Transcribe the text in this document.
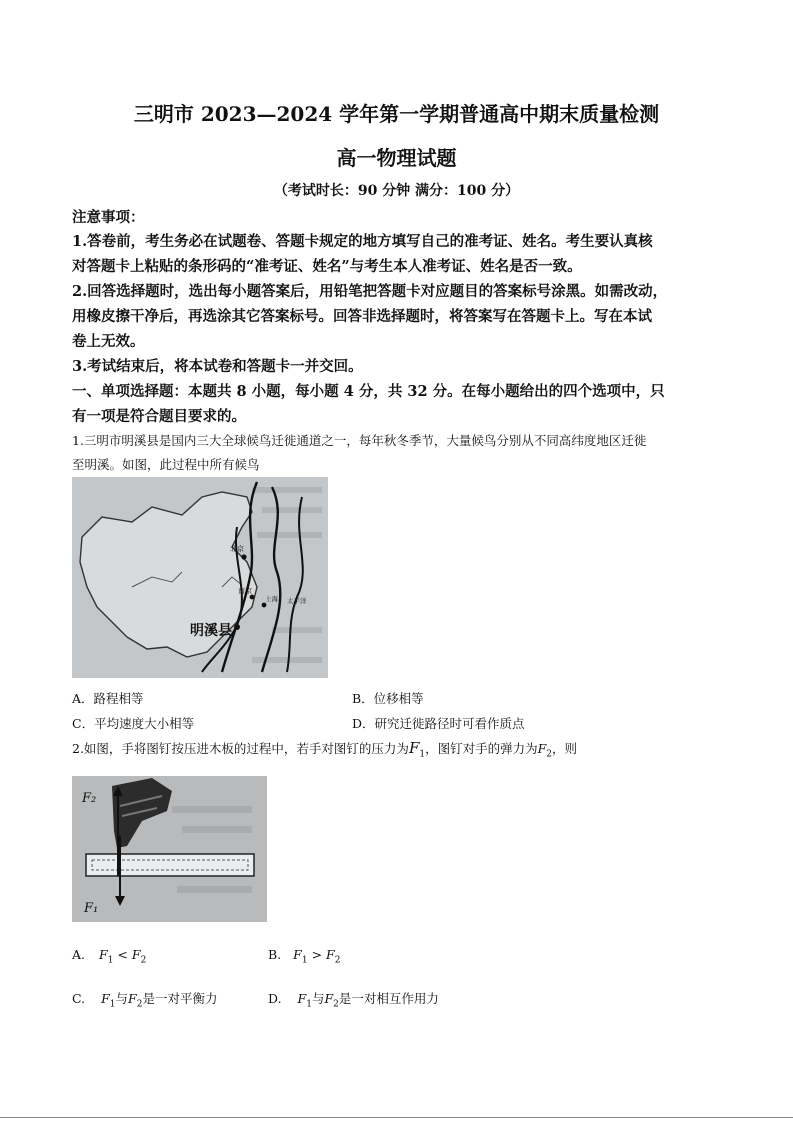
三明市 2023—2024 学年第一学期普通高中期末质量检测
高一物理试题
（考试时长：90 分钟 满分：100 分）
注意事项：
1.答卷前，考生务必在试题卷、答题卡规定的地方填写自己的准考证、姓名。考生要认真核
对答题卡上粘贴的条形码的“准考证、姓名”与考生本人准考证、姓名是否一致。
2.回答选择题时，选出每小题答案后，用铅笔把答题卡对应题目的答案标号涂黑。如需改动，
用橡皮擦干净后，再选涂其它答案标号。回答非选择题时，将答案写在答题卡上。写在本试
卷上无效。
3.考试结束后，将本试卷和答题卡一并交回。
一、单项选择题：本题共 8 小题，每小题 4 分，共 32 分。在每小题给出的四个选项中，只
有一项是符合题目要求的。
1.三明市明溪县是国内三大全球候鸟迁徙通道之一，每年秋冬季节，大量候鸟分别从不同高纬度地区迁徙
至明溪。如图，此过程中所有候鸟
北京
南京
上海 太平洋
明溪县
A．路程相等	B．位移相等
C．平均速度大小相等	D．研究迁徙路径时可看作质点
2.如图，手将图钉按压进木板的过程中，若手对图钉的压力为$F_1$，图钉对手的弹力为$F_2$，则
F₂
F₁
A. $F_1 < F_2$	B. $F_1 > F_2$
C. $F_1$与$F_2$是一对平衡力	D. $F_1$与$F_2$是一对相互作用力
